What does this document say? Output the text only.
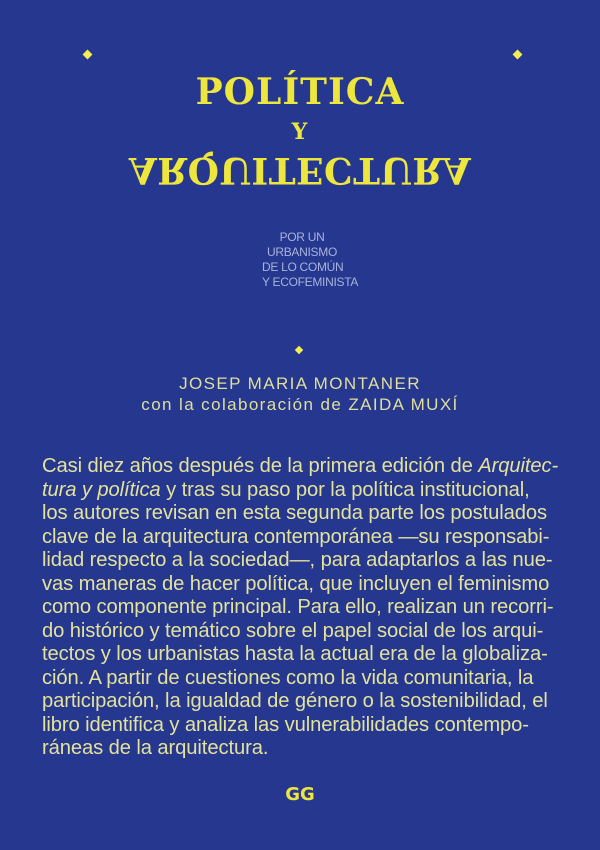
POLÍTICA
Y
ARQUITECTURA
POR UN
URBANISMO
DE LO COMÚN
Y ECOFEMINISTA
JOSEP MARIA MONTANER
con la colaboración de ZAIDA MUXÍ
Casi diez años después de la primera edición de Arquitec-
tura y política y tras su paso por la política institucional,
los autores revisan en esta segunda parte los postulados
clave de la arquitectura contemporánea —su responsabi-
lidad respecto a la sociedad—, para adaptarlos a las nue-
vas maneras de hacer política, que incluyen el feminismo
como componente principal. Para ello, realizan un recorri-
do histórico y temático sobre el papel social de los arqui-
tectos y los urbanistas hasta la actual era de la globaliza-
ción. A partir de cuestiones como la vida comunitaria, la
participación, la igualdad de género o la sostenibilidad, el
libro identifica y analiza las vulnerabilidades contempo-
ráneas de la arquitectura.
GG
